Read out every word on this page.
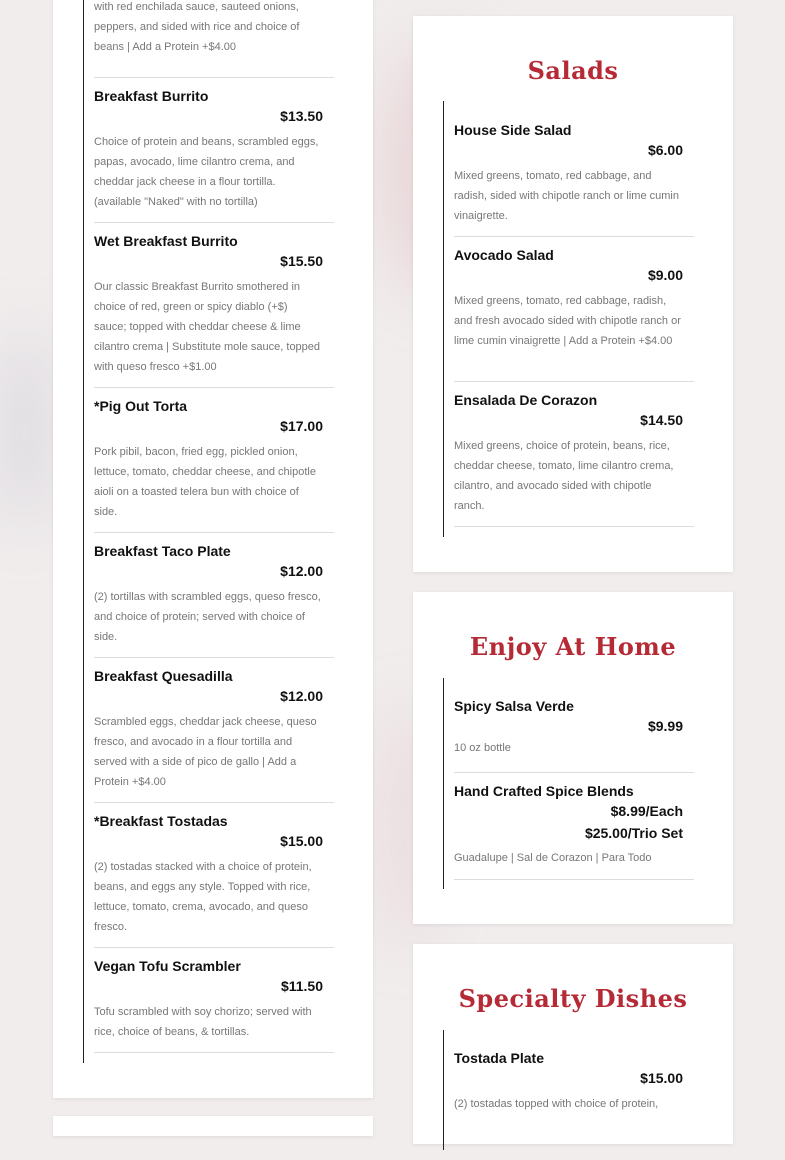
with red enchilada sauce, sauteed onions, peppers, and sided with rice and choice of beans | Add a Protein +$4.00
Breakfast Burrito
$13.50
Choice of protein and beans, scrambled eggs, papas, avocado, lime cilantro crema, and cheddar jack cheese in a flour tortilla. (available "Naked" with no tortilla)
Wet Breakfast Burrito
$15.50
Our classic Breakfast Burrito smothered in choice of red, green or spicy diablo (+$) sauce; topped with cheddar cheese & lime cilantro crema | Substitute mole sauce, topped with queso fresco +$1.00
*Pig Out Torta
$17.00
Pork pibil, bacon, fried egg, pickled onion, lettuce, tomato, cheddar cheese, and chipotle aioli on a toasted telera bun with choice of side.
Breakfast Taco Plate
$12.00
(2) tortillas with scrambled eggs, queso fresco, and choice of protein; served with choice of side.
Breakfast Quesadilla
$12.00
Scrambled eggs, cheddar jack cheese, queso fresco, and avocado in a flour tortilla and served with a side of pico de gallo | Add a Protein +$4.00
*Breakfast Tostadas
$15.00
(2) tostadas stacked with a choice of protein, beans, and eggs any style. Topped with rice, lettuce, tomato, crema, avocado, and queso fresco.
Vegan Tofu Scrambler
$11.50
Tofu scrambled with soy chorizo; served with rice, choice of beans, & tortillas.
Salads
House Side Salad
$6.00
Mixed greens, tomato, red cabbage, and radish, sided with chipotle ranch or lime cumin vinaigrette.
Avocado Salad
$9.00
Mixed greens, tomato, red cabbage, radish, and fresh avocado sided with chipotle ranch or lime cumin vinaigrette | Add a Protein +$4.00
Ensalada De Corazon
$14.50
Mixed greens, choice of protein, beans, rice, cheddar cheese, tomato, lime cilantro crema, cilantro, and avocado sided with chipotle ranch.
Enjoy At Home
Spicy Salsa Verde
$9.99
10 oz bottle
Hand Crafted Spice Blends
$8.99/Each
$25.00/Trio Set
Guadalupe | Sal de Corazon | Para Todo
Specialty Dishes
Tostada Plate
$15.00
(2) tostadas topped with choice of protein,
